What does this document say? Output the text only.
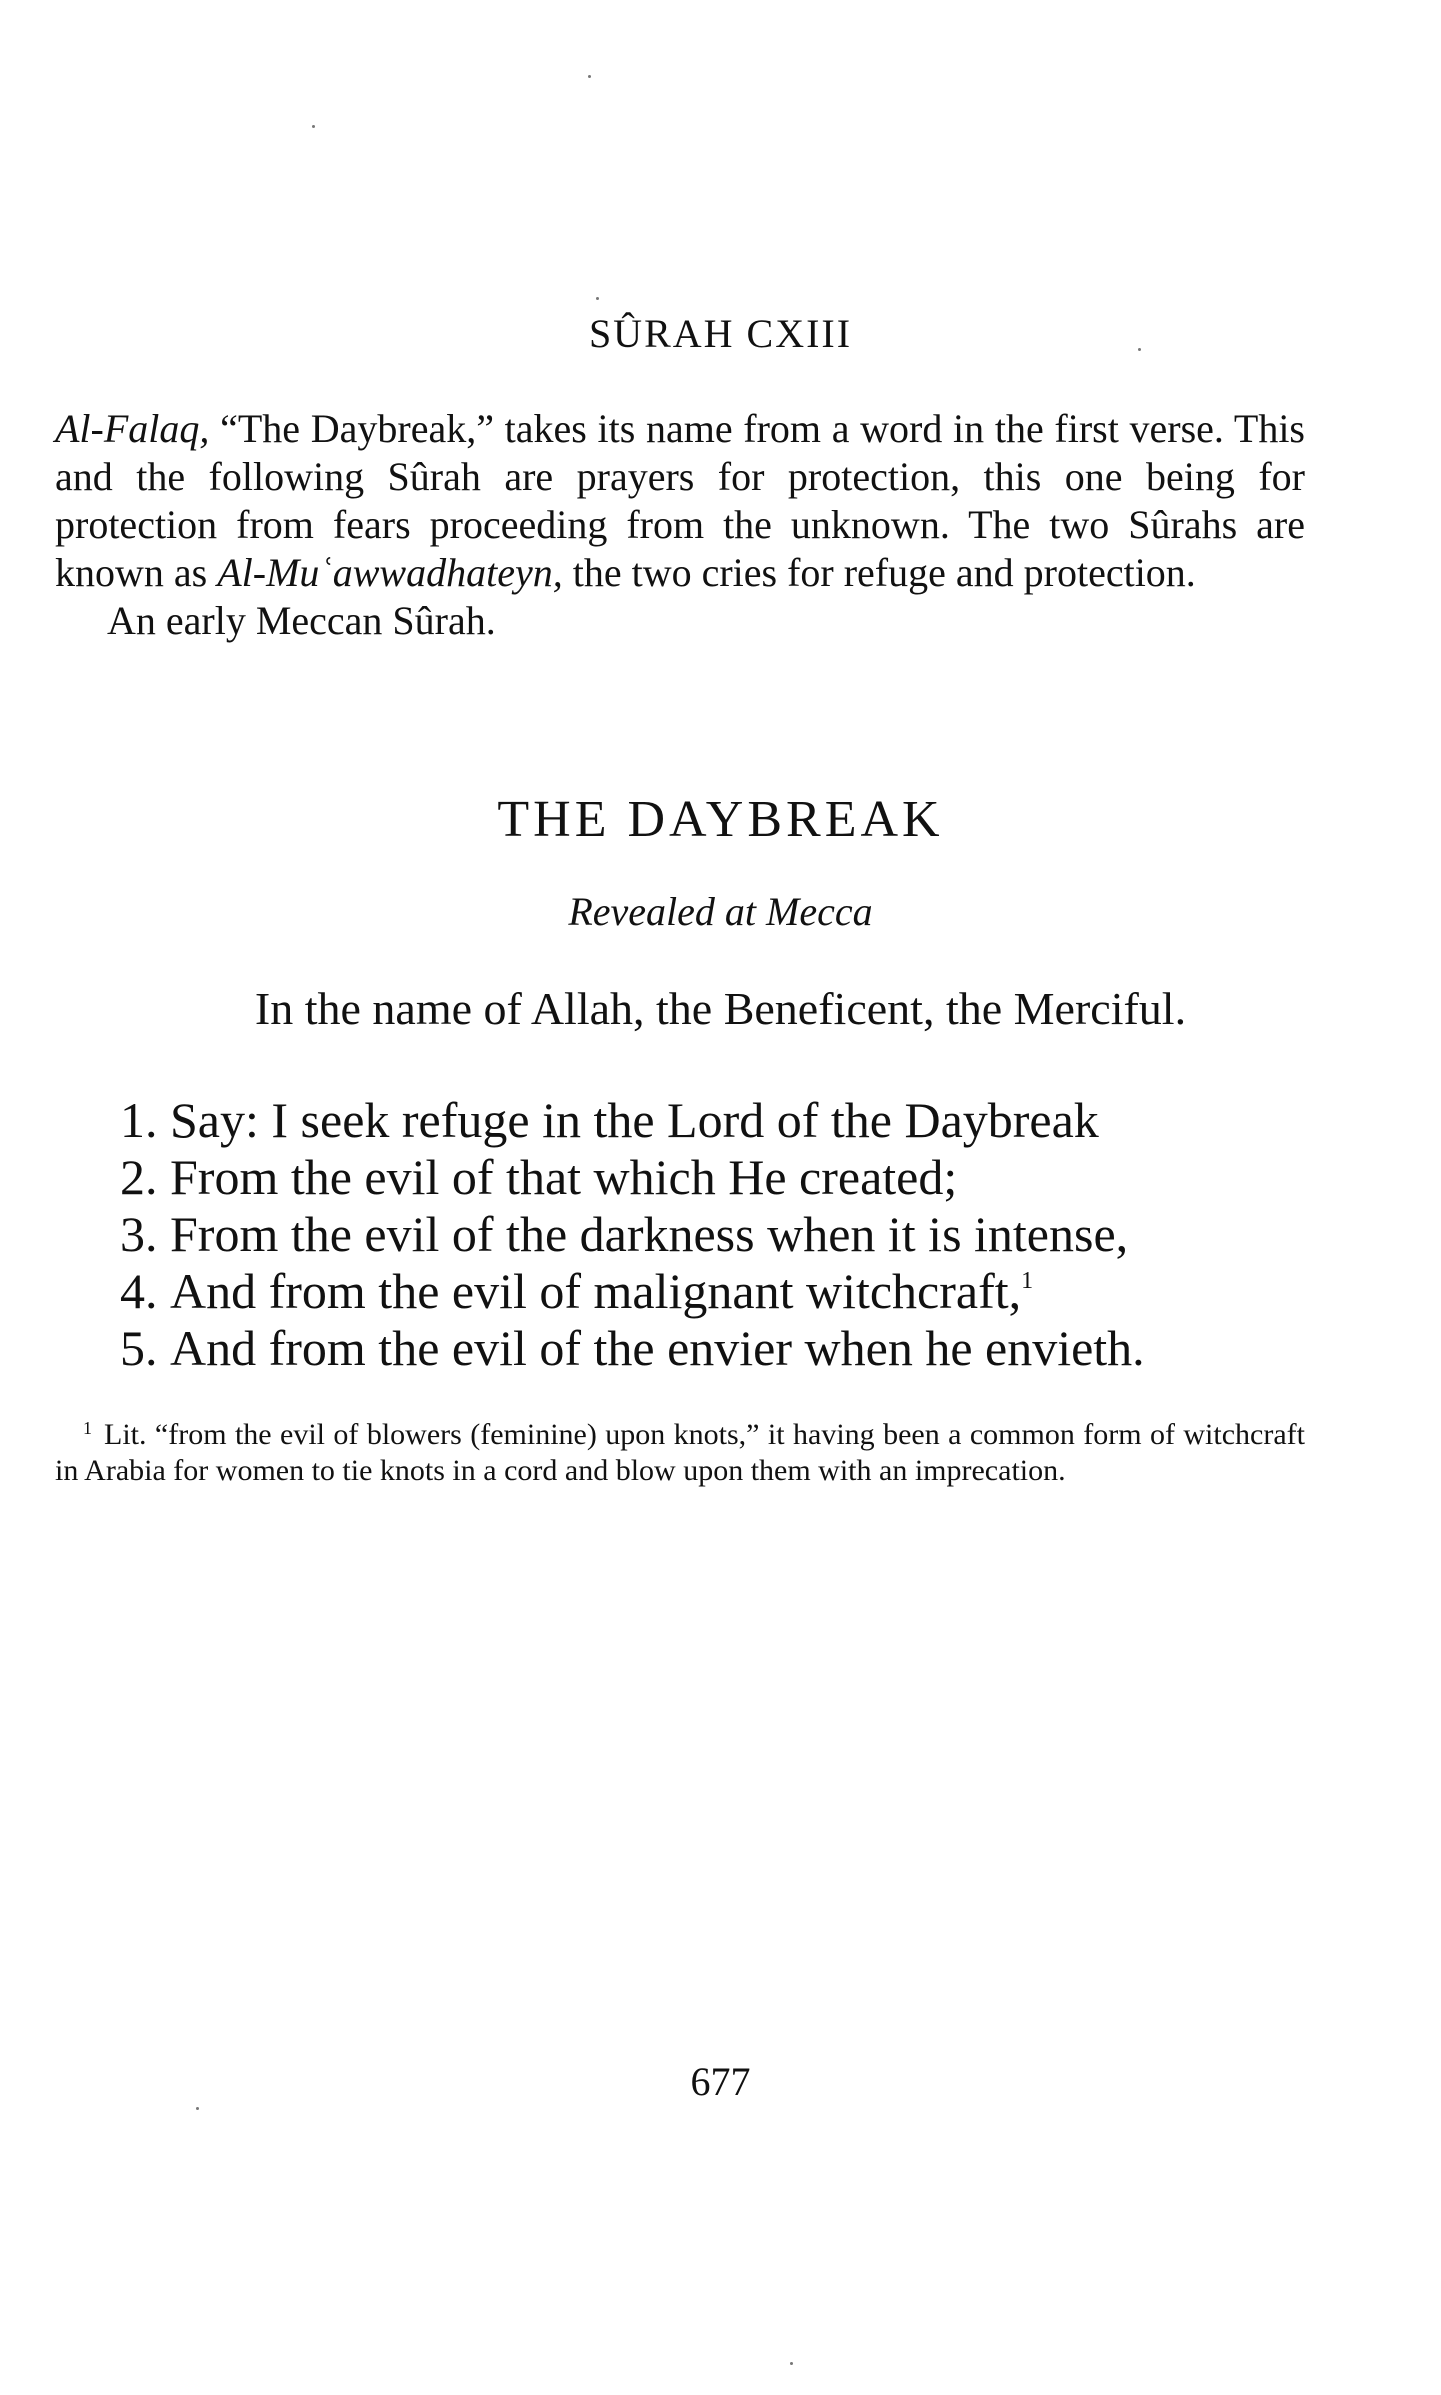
SÛRAH CXIII

Al-Falaq, “The Daybreak,” takes its name from a word in the first verse. This and the following Sûrah are prayers for protection, this one being for protection from fears proceeding from the unknown. The two Sûrahs are known as Al-Muʿawwadhateyn, the two cries for refuge and protection.

An early Meccan Sûrah.

THE DAYBREAK
Revealed at Mecca
In the name of Allah, the Beneficent, the Merciful.
1. Say: I seek refuge in the Lord of the Daybreak
2. From the evil of that which He created;
3. From the evil of the darkness when it is intense,
4. And from the evil of malignant witchcraft,$^1$
5. And from the evil of the envier when he envieth.

$^1$ Lit. “from the evil of blowers (feminine) upon knots,” it having been a common form of witchcraft in Arabia for women to tie knots in a cord and blow upon them with an imprecation.

677
